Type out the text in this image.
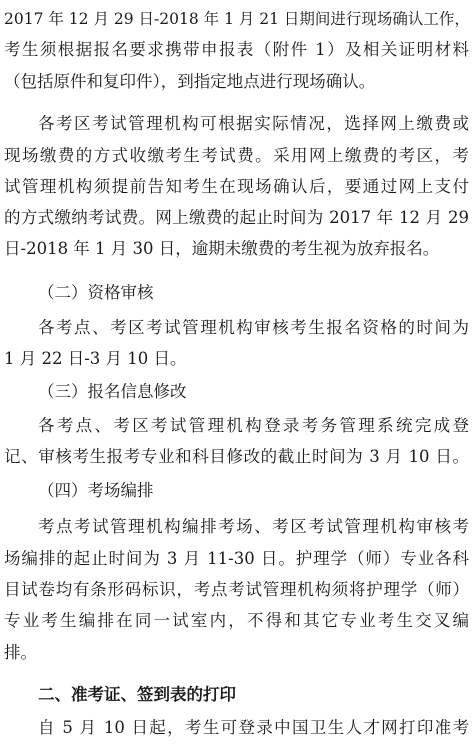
2017 年 12 月 29 日-2018 年 1 月 21 日期间进行现场确认工作，
考生须根据报名要求携带申报表（附件 1）及相关证明材料
（包括原件和复印件），到指定地点进行现场确认。
各考区考试管理机构可根据实际情况，选择网上缴费或
现场缴费的方式收缴考生考试费。采用网上缴费的考区，考
试管理机构须提前告知考生在现场确认后，要通过网上支付
的方式缴纳考试费。网上缴费的起止时间为 2017 年 12 月 29
日-2018 年 1 月 30 日，逾期未缴费的考生视为放弃报名。
（二）资格审核
各考点、考区考试管理机构审核考生报名资格的时间为
1 月 22 日-3 月 10 日。
（三）报名信息修改
各考点、考区考试管理机构登录考务管理系统完成登
记、审核考生报考专业和科目修改的截止时间为 3 月 10 日。
（四）考场编排
考点考试管理机构编排考场、考区考试管理机构审核考
场编排的起止时间为 3 月 11-30 日。护理学（师）专业各科
目试卷均有条形码标识，考点考试管理机构须将护理学（师）
专业考生编排在同一试室内，不得和其它专业考生交叉编
排。
二、准考证、签到表的打印
自 5 月 10 日起，考生可登录中国卫生人才网打印准考
